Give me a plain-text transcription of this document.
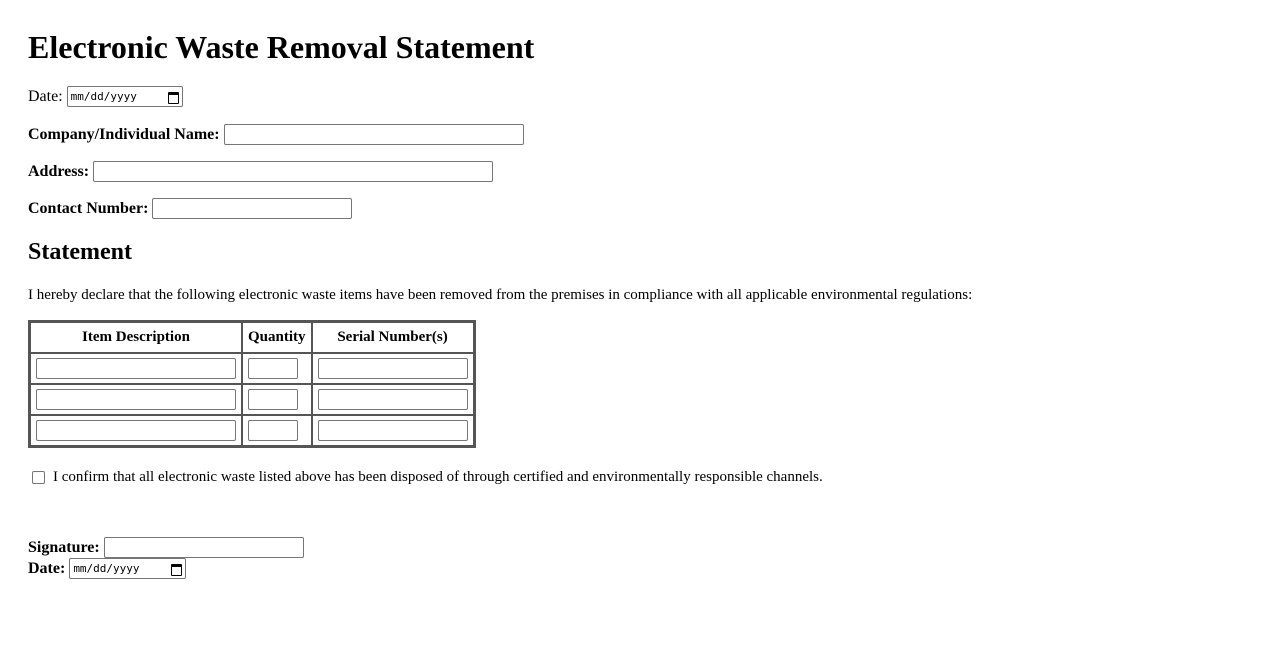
Electronic Waste Removal Statement
Date: mm/dd/yyyy
Company/Individual Name:
Address:
Contact Number:
Statement

I hereby declare that the following electronic waste items have been removed from the premises in compliance with all applicable environmental regulations:

Item Description	Quantity	Serial Number(s)

I confirm that all electronic waste listed above has been disposed of through certified and environmentally responsible channels.
Signature:
Date: mm/dd/yyyy
